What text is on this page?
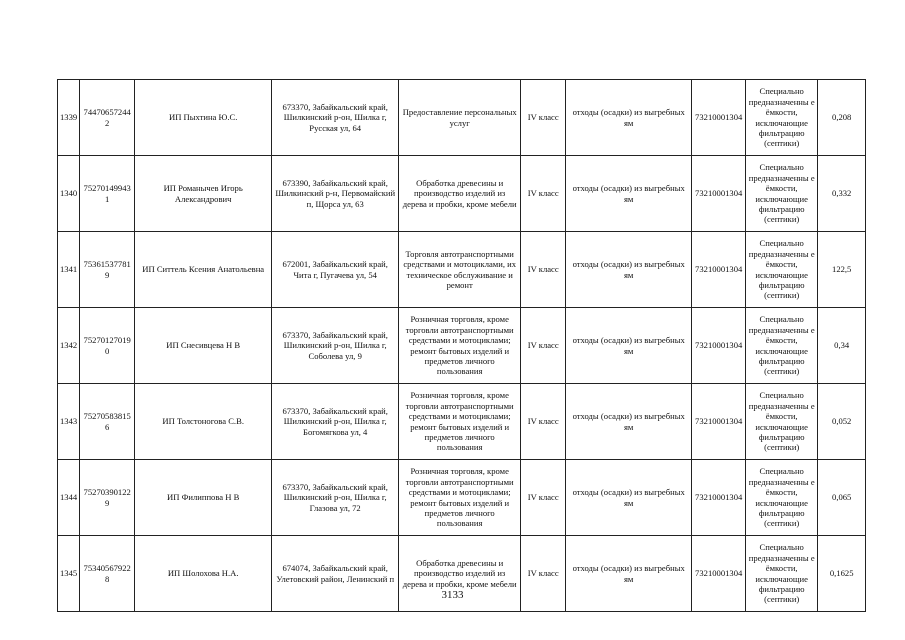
1339	74470657244 2	ИП Пыхтина Ю.С.	673370, Забайкальский край, Шилкинский р-он, Шилка г, Русская ул, 64	Предоставление персональных услуг	IV класс	отходы (осадки) из выгребных ям	73210001304	Специально предназначенны е ёмкости, исключающие фильтрацию (септики)	0,208
1340	75270149943 1	ИП Романычев Игорь Александрович	673390, Забайкальский край, Шилкинский р-н, Первомайский п, Щорса ул, 63	Обработка древесины и производство изделий из дерева и пробки, кроме мебели	IV класс	отходы (осадки) из выгребных ям	73210001304	Специально предназначенны е ёмкости, исключающие фильтрацию (септики)	0,332
1341	75361537781 9	ИП Ситтель Ксения Анатольевна	672001, Забайкальский край, Чита г, Пугачева ул, 54	Торговля автотранспортными средствами и мотоциклами, их техническое обслуживание и ремонт	IV класс	отходы (осадки) из выгребных ям	73210001304	Специально предназначенны е ёмкости, исключающие фильтрацию (септики)	122,5
1342	75270127019 0	ИП Снесивцева Н В	673370, Забайкальский край, Шилкинский р-он, Шилка г, Соболева ул, 9	Розничная торговля, кроме торговли автотранспортными средствами и мотоциклами; ремонт бытовых изделий и предметов личного пользования	IV класс	отходы (осадки) из выгребных ям	73210001304	Специально предназначенны е ёмкости, исключающие фильтрацию (септики)	0,34
1343	75270583815 6	ИП Толстоногова С.В.	673370, Забайкальский край, Шилкинский р-он, Шилка г, Богомягкова ул, 4	Розничная торговля, кроме торговли автотранспортными средствами и мотоциклами; ремонт бытовых изделий и предметов личного пользования	IV класс	отходы (осадки) из выгребных ям	73210001304	Специально предназначенны е ёмкости, исключающие фильтрацию (септики)	0,052
1344	75270390122 9	ИП Филиппова Н В	673370, Забайкальский край, Шилкинский р-он, Шилка г, Глазова ул, 72	Розничная торговля, кроме торговли автотранспортными средствами и мотоциклами; ремонт бытовых изделий и предметов личного пользования	IV класс	отходы (осадки) из выгребных ям	73210001304	Специально предназначенны е ёмкости, исключающие фильтрацию (септики)	0,065
1345	75340567922 8	ИП Шолохова Н.А.	674074, Забайкальский край, Улетовский район, Ленинский п	Обработка древесины и производство изделий из дерева и пробки, кроме мебели	IV класс	отходы (осадки) из выгребных ям	73210001304	Специально предназначенны е ёмкости, исключающие фильтрацию (септики)	0,1625
3133
